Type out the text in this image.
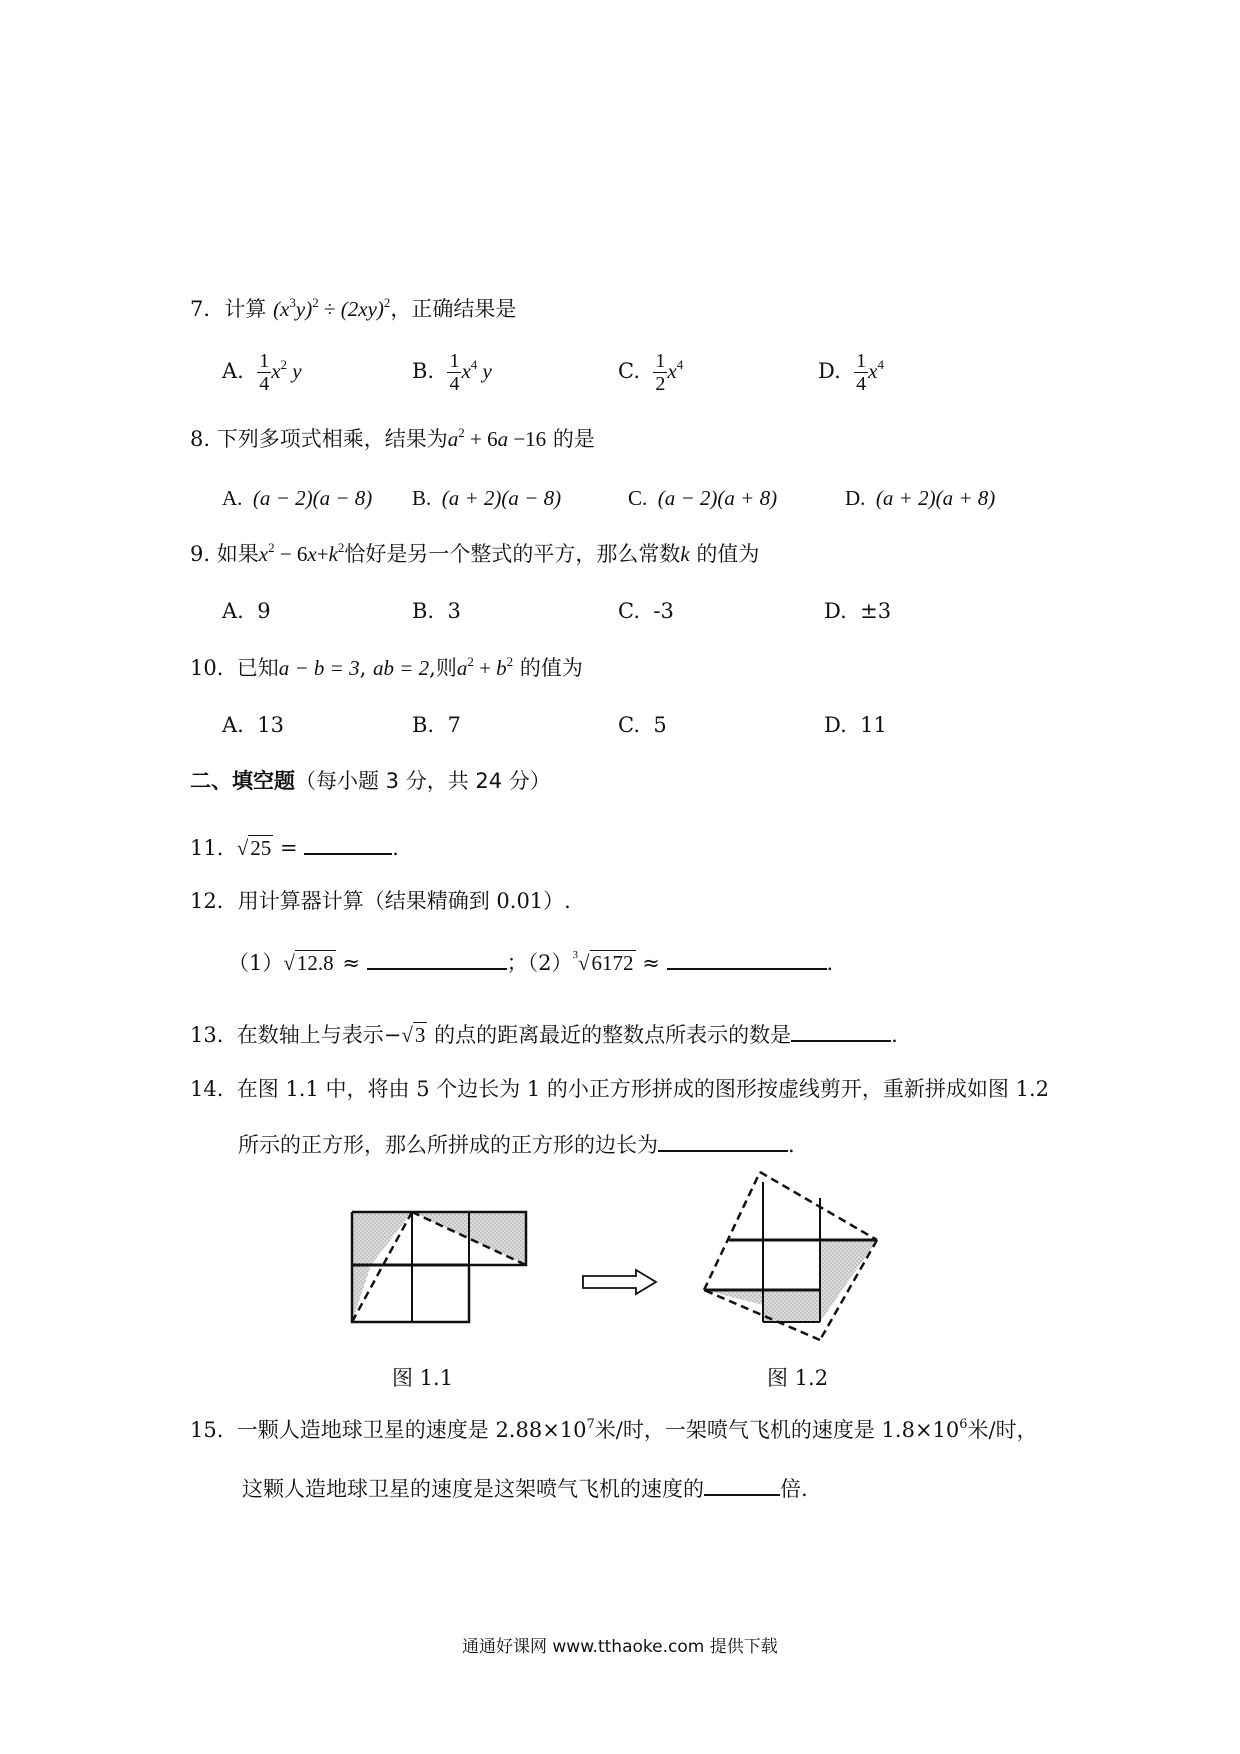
7．计算 $(x^3y)^2 \div (2xy)^2$，正确结果是
A. $\frac{1}{4} x^2$ y	B. $\frac{1}{4} x^4$ y	C. $\frac{1}{2} x^4$	D. $\frac{1}{4} x^4$
8. 下列多项式相乘，结果为$a^2 + 6a -16$ 的是
A. (a − 2)(a − 8) B. (a + 2)(a − 8)	C. (a − 2)(a + 8)	D. (a + 2)(a + 8)
9. 如果$x^2 - 6x+k^2$恰好是另一个整式的平方，那么常数k 的值为
A. 9	B. 3	C. -3	D. ±3
10. 已知a − b = 3, ab = 2,则$a^2 + b^2$ 的值为
A. 13	B. 7	C. 5	D. 11
二、填空题（每小题 3 分，共 24 分）
11. √25 =	.
12．用计算器计算（结果精确到 0.01）.
（1）√12.8 ≈	；$(2)^3√6172$ ≈	.
13. 在数轴上与表示−√3 的点的距离最近的整数点所表示的数是	.
14. 在图 1.1 中，将由 5 个边长为 1 的小正方形拼成的图形按虚线剪开，重新拼成如图 1.2
所示的正方形，那么所拼成的正方形的边长为	.
图 1.1	图 1.2
15. 一颗人造地球卫星的速度是 $2.88\times 10^7$米/时，一架喷气飞机的速度是 $1.8\times 10^6$米/时，
这颗人造地球卫星的速度是这架喷气飞机的速度的	倍.
通通好课网 www.tthaoke.com 提供下载
